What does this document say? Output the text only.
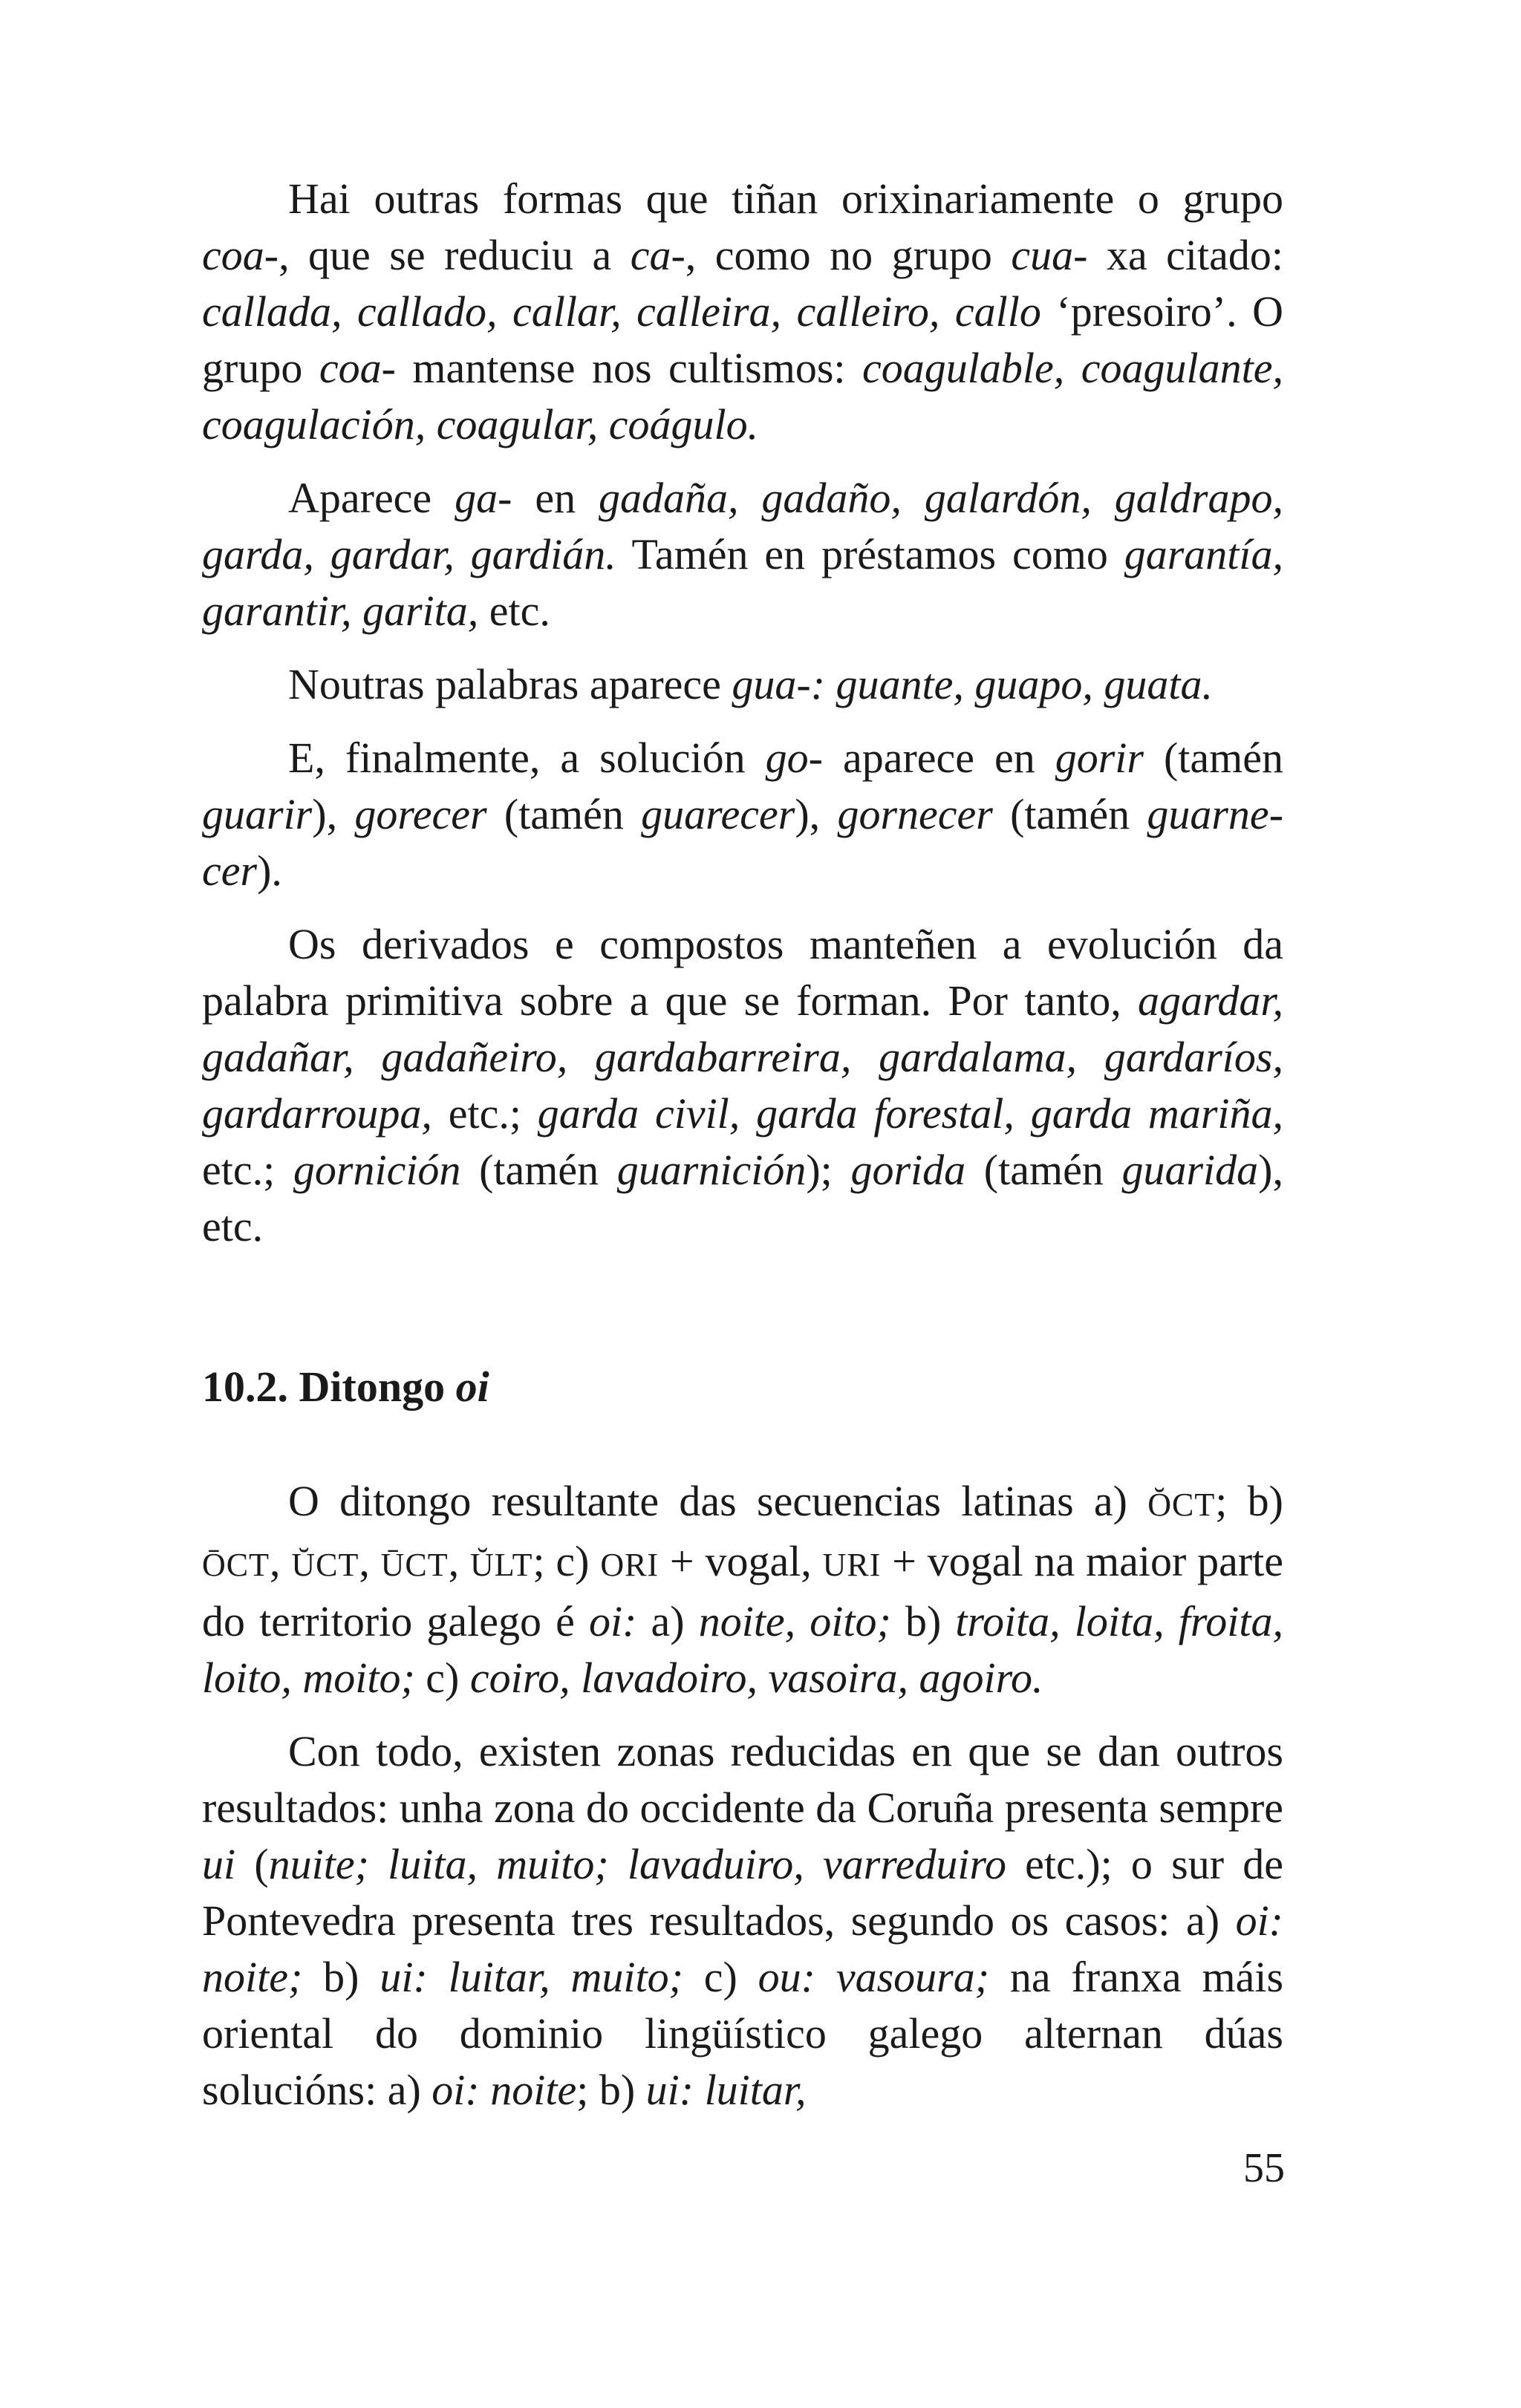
Hai outras formas que tiñan orixinariamente o grupo coa-, que se reduciu a ca-, como no grupo cua- xa citado: callada, callado, callar, calleira, calleiro, callo ‘presoiro’. O grupo coa- mantense nos cultismos: coagulable, coagulante, coagulación, coagular, coágulo.

Aparece ga- en gadaña, gadaño, galardón, galdrapo, garda, gardar, gardián. Tamén en préstamos como garantía, garantir, garita, etc.

Noutras palabras aparece gua-: guante, guapo, guata.

E, finalmente, a solución go- aparece en gorir (tamén guarir), gorecer (tamén guarecer), gornecer (tamén guarnecer).

Os derivados e compostos manteñen a evolución da palabra primitiva sobre a que se forman. Por tanto, agardar, gadañar, gadañeiro, gardabarreira, gardalama, gardaríos, gardarroupa, etc.; garda civil, garda forestal, garda mariña, etc.; gornición (tamén guarnición); gorida (tamén guarida), etc.

10.2. Ditongo oi

O ditongo resultante das secuencias latinas a) ŎCT; b) ŌCT, ŬCT, ŪCT, ŬLT; c) ORI + vogal, URI + vogal na maior parte do territorio galego é oi: a) noite, oito; b) troita, loita, froita, loito, moito; c) coiro, lavadoiro, vasoira, agoiro.

Con todo, existen zonas reducidas en que se dan outros resultados: unha zona do occidente da Coruña presenta sempre ui (nuite; luita, muito; lavaduiro, varreduiro etc.); o sur de Pontevedra presenta tres resultados, segundo os casos: a) oi: noite; b) ui: luitar, muito; c) ou: vasoura; na franxa máis oriental do dominio lingüístico galego alternan dúas solucións: a) oi: noite; b) ui: luitar,

55
